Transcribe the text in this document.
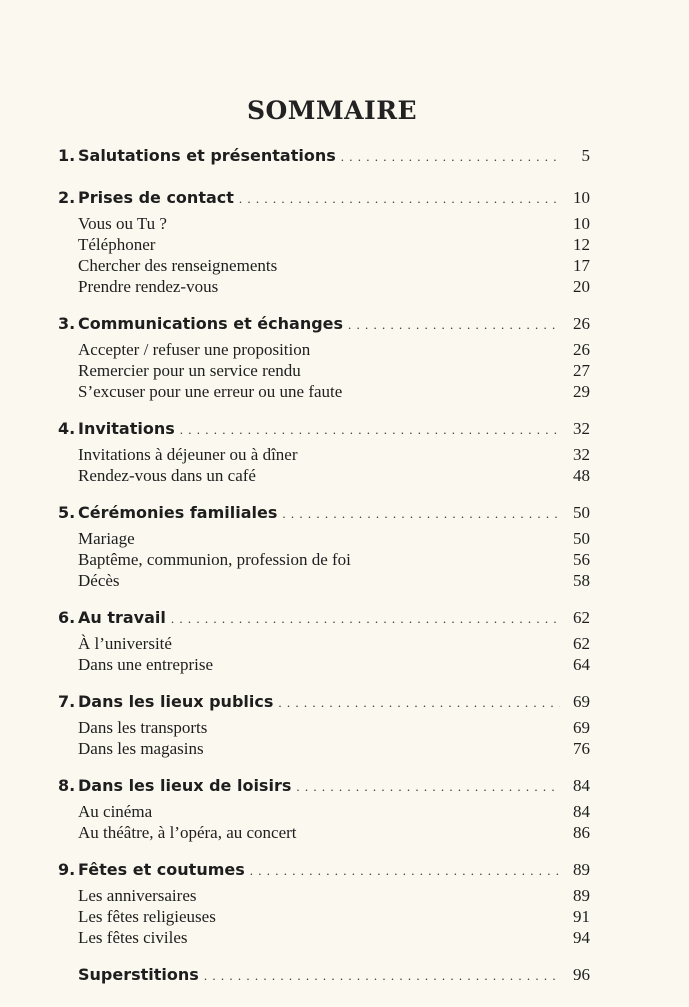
SOMMAIRE
1. Salutations et présentations . . .	5
2. Prises de contact . . .	10
Vous ou Tu ?	10
Téléphoner	12
Chercher des renseignements	17
Prendre rendez-vous	20
3. Communications et échanges . . .	26
Accepter / refuser une proposition	26
Remercier pour un service rendu	27
S’excuser pour une erreur ou une faute	29
4. Invitations . . .	32
Invitations à déjeuner ou à dîner	32
Rendez-vous dans un café	48
5. Cérémonies familiales . . .	50
Mariage	50
Baptême, communion, profession de foi	56
Décès	58
6. Au travail . . .	62
À l’université	62
Dans une entreprise	64
7. Dans les lieux publics . . .	69
Dans les transports	69
Dans les magasins	76
8. Dans les lieux de loisirs . . .	84
Au cinéma	84
Au théâtre, à l’opéra, au concert	86
9. Fêtes et coutumes . . .	89
Les anniversaires	89
Les fêtes religieuses	91
Les fêtes civiles	94
Superstitions . . .	96
